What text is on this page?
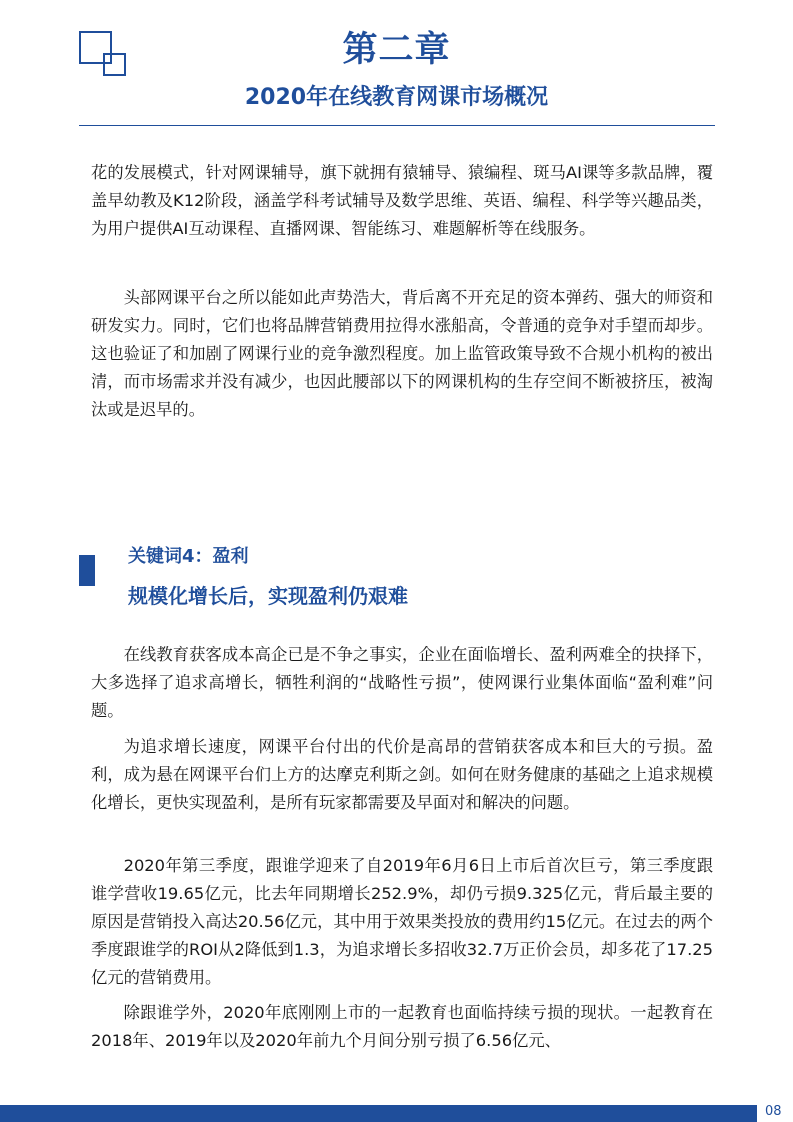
第二章
2020年在线教育网课市场概况

花的发展模式，针对网课辅导，旗下就拥有猿辅导、猿编程、斑马AI课等多款品牌，覆盖早幼教及K12阶段，涵盖学科考试辅导及数学思维、英语、编程、科学等兴趣品类，为用户提供AI互动课程、直播网课、智能练习、难题解析等在线服务。

头部网课平台之所以能如此声势浩大，背后离不开充足的资本弹药、强大的师资和研发实力。同时，它们也将品牌营销费用拉得水涨船高，令普通的竞争对手望而却步。这也验证了和加剧了网课行业的竞争激烈程度。加上监管政策导致不合规小机构的被出清，而市场需求并没有减少，也因此腰部以下的网课机构的生存空间不断被挤压，被淘汰或是迟早的。

关键词4：盈利
规模化增长后，实现盈利仍艰难

在线教育获客成本高企已是不争之事实，企业在面临增长、盈利两难全的抉择下，大多选择了追求高增长，牺牲利润的“战略性亏损”，使网课行业集体面临“盈利难”问题。

为追求增长速度，网课平台付出的代价是高昂的营销获客成本和巨大的亏损。盈利，成为悬在网课平台们上方的达摩克利斯之剑。如何在财务健康的基础之上追求规模化增长，更快实现盈利，是所有玩家都需要及早面对和解决的问题。

2020年第三季度，跟谁学迎来了自2019年6月6日上市后首次巨亏，第三季度跟谁学营收19.65亿元，比去年同期增长252.9%，却仍亏损9.325亿元，背后最主要的原因是营销投入高达20.56亿元，其中用于效果类投放的费用约15亿元。在过去的两个季度跟谁学的ROI从2降低到1.3，为追求增长多招收32.7万正价会员，却多花了17.25亿元的营销费用。

除跟谁学外，2020年底刚刚上市的一起教育也面临持续亏损的现状。一起教育在2018年、2019年以及2020年前九个月间分别亏损了6.56亿元、

08
